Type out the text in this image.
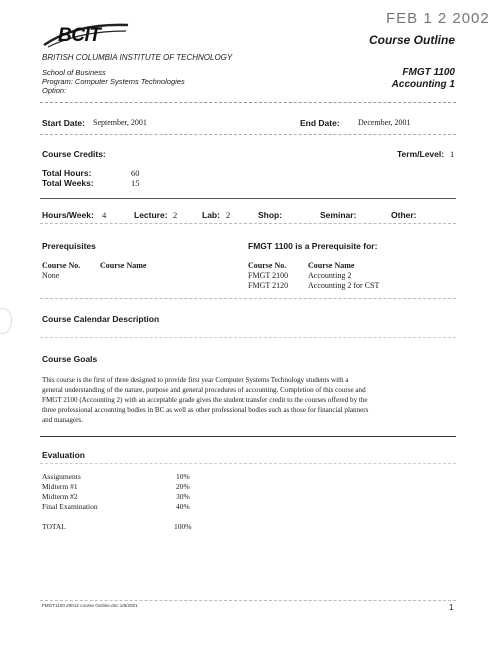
FEB 1 2 2002
BCIT
BRITISH COLUMBIA INSTITUTE OF TECHNOLOGY
School of Business
Program: Computer Systems Technologies
Option:
Course Outline
FMGT 1100
Accounting 1
Start Date: September, 2001	End Date: December, 2001
Course Credits:	Term/Level: 1
Total Hours:	60
Total Weeks:	15
Hours/Week: 4	Lecture: 2	Lab: 2	Shop:	Seminar:	Other:
Prerequisites
Course No. Course Name
None
FMGT 1100 is a Prerequisite for:
Course No.	Course Name
FMGT 2100 Accounting 2
FMGT 2120 Accounting 2 for CST
Course Calendar Description
Course Goals
This course is the first of three designed to provide first year Computer Systems Technology students with a
general understanding of the nature, purpose and general procedures of accounting. Completion of this course and
FMGT 2100 (Accounting 2) with an acceptable grade gives the student transfer credit to the courses offered by the
three professional accounting bodies in BC as well as other professional bodies such as those for financial planners
and managers.
Evaluation
Assignments	10%
Midterm #1	20%
Midterm #2	30%
Final Examination	40%
TOTAL	100%
FMGT1100 20012 course Outline.doc 1/8/2001	1
